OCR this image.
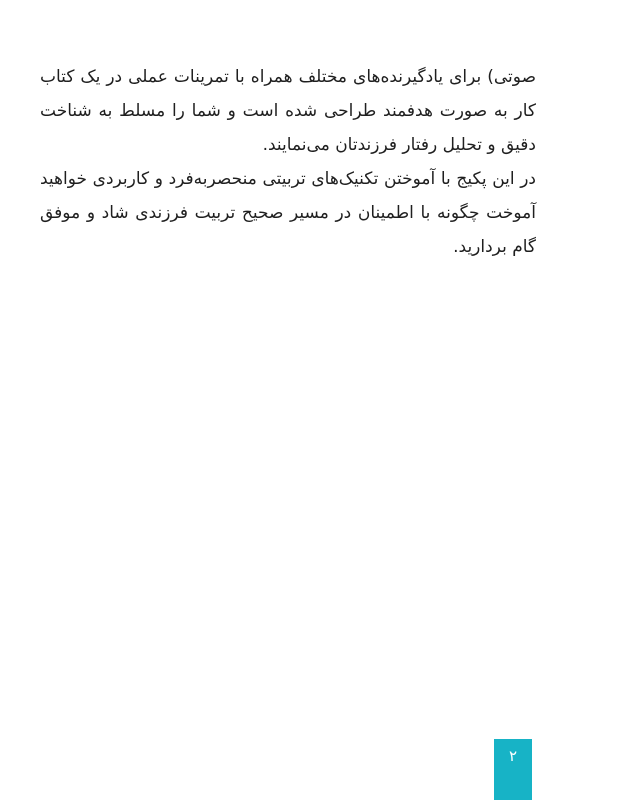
صوتی) برای یادگیرنده‌های مختلف همراه با تمرینات عملی در یک کتاب کار به صورت هدفمند طراحی شده است و شما را مسلط به شناخت دقیق و تحلیل رفتار فرزندتان می‌نمایند.

در این پکیج با آموختن تکنیک‌های تربیتی منحصربه‌فرد و کاربردی خواهید آموخت چگونه با اطمینان در مسیر صحیح تربیت فرزندی شاد و موفق گام بردارید.

۲
